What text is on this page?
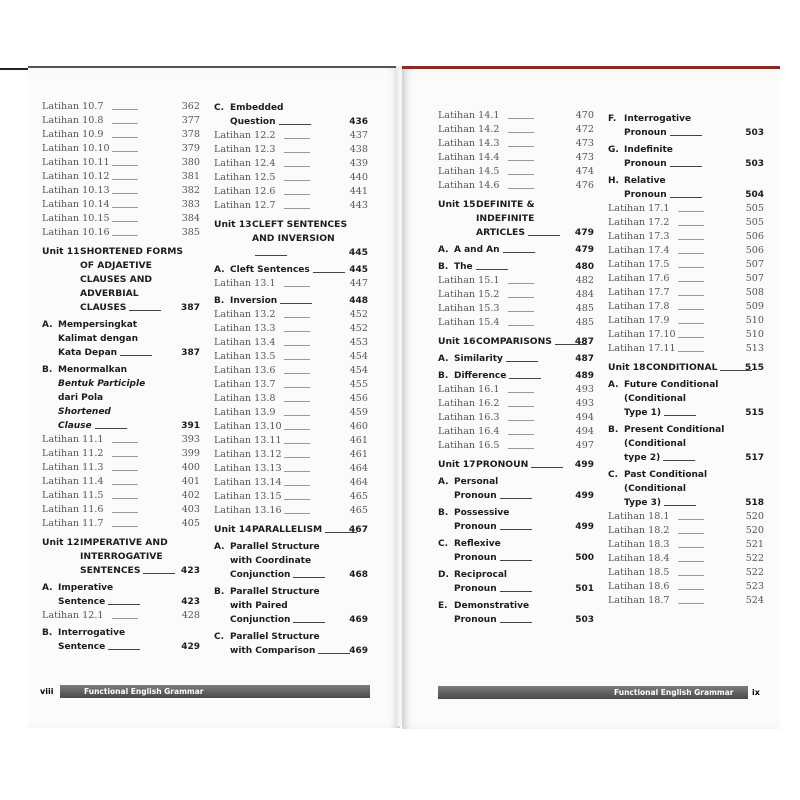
Latihan 10.7	362
Latihan 10.8	377
Latihan 10.9	378
Latihan 10.10	379
Latihan 10.11	380
Latihan 10.12	381
Latihan 10.13	382
Latihan 10.14	383
Latihan 10.15	384
Latihan 10.16	385
Unit 11 SHORTENED FORMS
OF ADJAETIVE
CLAUSES AND
ADVERBIAL
CLAUSES	387
A. Mempersingkat
Kalimat dengan
Kata Depan	387
B. Menormalkan
Bentuk Participle
dari Pola
Shortened
Clause	391
Latihan 11.1	393
Latihan 11.2	399
Latihan 11.3	400
Latihan 11.4	401
Latihan 11.5	402
Latihan 11.6	403
Latihan 11.7	405
Unit 12 IMPERATIVE AND
INTERROGATIVE
SENTENCES	423
A. Imperative
Sentence	423
Latihan 12.1	428
B. Interrogative
Sentence	429
C. Embedded
Question	436
Latihan 12.2	437
Latihan 12.3	438
Latihan 12.4	439
Latihan 12.5	440
Latihan 12.6	441
Latihan 12.7	443
Unit 13 CLEFT SENTENCES
AND INVERSION
445
A. Cleft Sentences	445
Latihan 13.1	447
B. Inversion	448
Latihan 13.2	452
Latihan 13.3	452
Latihan 13.4	453
Latihan 13.5	454
Latihan 13.6	454
Latihan 13.7	455
Latihan 13.8	456
Latihan 13.9	459
Latihan 13.10	460
Latihan 13.11	461
Latihan 13.12	461
Latihan 13.13	464
Latihan 13.14	464
Latihan 13.15	465
Latihan 13.16	465
Unit 14 PARALLELISM	467
A. Parallel Structure
with Coordinate
Conjunction	468
B. Parallel Structure
with Paired
Conjunction	469
C. Parallel Structure
with Comparison	469
viii	Functional English Grammar
Latihan 14.1	470
Latihan 14.2	472
Latihan 14.3	473
Latihan 14.4	473
Latihan 14.5	474
Latihan 14.6	476
Unit 15 DEFINITE &
INDEFINITE
ARTICLES	479
A. A and An	479
B. The	480
Latihan 15.1	482
Latihan 15.2	484
Latihan 15.3	485
Latihan 15.4	485
Unit 16 COMPARISONS	487
A. Similarity	487
B. Difference	489
Latihan 16.1	493
Latihan 16.2	493
Latihan 16.3	494
Latihan 16.4	494
Latihan 16.5	497
Unit 17 PRONOUN	499
A. Personal
Pronoun	499
B. Possessive
Pronoun	499
C. Reflexive
Pronoun	500
D. Reciprocal
Pronoun	501
E. Demonstrative
Pronoun	503
F. Interrogative
Pronoun	503
G. Indefinite
Pronoun	503
H. Relative
Pronoun	504
Latihan 17.1	505
Latihan 17.2	505
Latihan 17.3	506
Latihan 17.4	506
Latihan 17.5	507
Latihan 17.6	507
Latihan 17.7	508
Latihan 17.8	509
Latihan 17.9	510
Latihan 17.10	510
Latihan 17.11	513
Unit 18 CONDITIONAL	515
A. Future Conditional
(Conditional
Type 1)	515
B. Present Conditional
(Conditional
type 2)	517
C. Past Conditional
(Conditional
Type 3)	518
Latihan 18.1	520
Latihan 18.2	520
Latihan 18.3	521
Latihan 18.4	522
Latihan 18.5	522
Latihan 18.6	523
Latihan 18.7	524
Functional English Grammar ix
